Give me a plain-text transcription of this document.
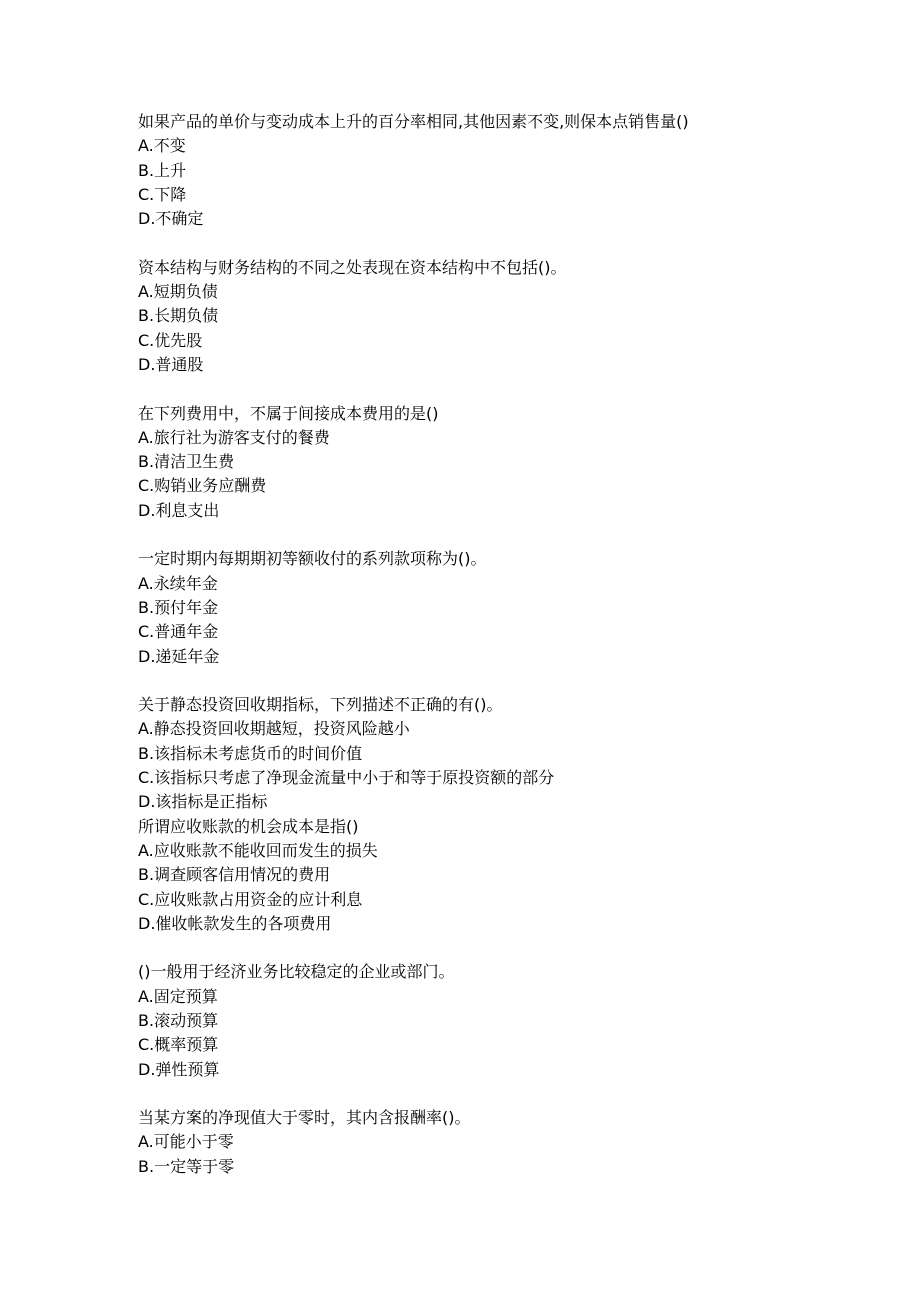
如果产品的单价与变动成本上升的百分率相同,其他因素不变,则保本点销售量()
A.不变
B.上升
C.下降
D.不确定
资本结构与财务结构的不同之处表现在资本结构中不包括()。
A.短期负债
B.长期负债
C.优先股
D.普通股
在下列费用中，不属于间接成本费用的是()
A.旅行社为游客支付的餐费
B.清洁卫生费
C.购销业务应酬费
D.利息支出
一定时期内每期期初等额收付的系列款项称为()。
A.永续年金
B.预付年金
C.普通年金
D.递延年金
关于静态投资回收期指标，下列描述不正确的有()。
A.静态投资回收期越短，投资风险越小
B.该指标未考虑货币的时间价值
C.该指标只考虑了净现金流量中小于和等于原投资额的部分
D.该指标是正指标
所谓应收账款的机会成本是指()
A.应收账款不能收回而发生的损失
B.调查顾客信用情况的费用
C.应收账款占用资金的应计利息
D.催收帐款发生的各项费用
()一般用于经济业务比较稳定的企业或部门。
A.固定预算
B.滚动预算
C.概率预算
D.弹性预算
当某方案的净现值大于零时，其内含报酬率()。
A.可能小于零
B.一定等于零
